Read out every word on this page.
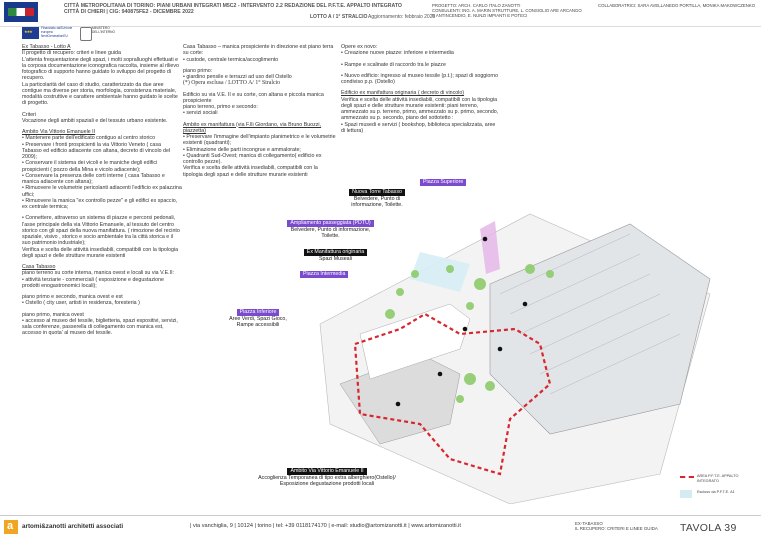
CITTÀ METROPOLITANA DI TORINO: PIANI URBANI INTEGRATI M5C2 - INTERVENTO 2.2 REDAZIONE DEL P.F.T.E. APPALTO INTEGRATO
CITTÀ DI CHIERI | CIG: 940875FE2 - DICEMBRE 2022
LOTTO A / 1° STRALCIO Aggiornamento: febbraio 2023
PROGETTO: ARCH. CARLO ITALO ZANOTTI
CONSULENTI: ING. A. MARIN STRUTTURE, L. CONSIGLIO ARE ARCANGO E ANTINCENDIO, E. NUNZI IMPIANTI E POTECI
COLLABORATRICI: SARA AVELLANEDO PORTILLA, MONIKA MAKOWCZENKO
★★★
Finanziato dall'Unione europea NextGenerationEU
MINISTERO DELL'INTERNO

Ex Tabasso - Lotto A

Il progetto di recupero: criteri e linee guida

L'attenta frequentazione degli spazi, i molti sopralluoghi effettuati e la corposa documentazione iconografica raccolta, insieme al rilievo fotografico di supporto hanno guidato lo sviluppo del progetto di recupero.

La particolarità del caso di studio, caratterizzato da due aree contigue ma diverse per storia, morfologia, consistenza materiale, modalità costruttive e carattere ambientale hanno guidato le scelte di progetto.

Criteri

Vocazione degli ambiti spaziali e del tessuto urbano esistente.

Ambito Via Vittorio Emanuele II

• Mantenere parte dell'edificato contiguo al centro storico

• Preservare i fronti prospicienti la via Vittorio Veneto ( casa Tabasso ed edificio adiacente con altana, decreto di vincolo del 2009);

• Conservare il sistema dei vicoli e le maniche degli edifici prospicienti ( pozzo della Mina e vicolo adiacente);

• Conservare la presenza delle corti interne ( casa Tabasso e manica adiacente con altana);

• Rimuovere le volumetrie pericolanti adiacenti l'edificio ex palazzina uffici;

• Rimuovere la manica "ex controllo pezze" e gli edifici ex spaccio, ex centrale termica;

• Connettere, attraverso un sistema di piazze e percorsi pedonali, l'asse principale della via Vittorio Emanuele, al tessuto del centro storico con gli spazi della nuova manifattura. ( rimozione del recinto spaziale, visivo , storico e socio ambientale tra la città storica e il suo patrimonio industriale);

Verifica e scelta delle attività insediabili, compatibili con la tipologia degli spazi e delle strutture murarie esistenti

Casa Tabasso

piano terreno su corte interna, manica ovest e locali su via V.E.II:

• attività terziarie - commerciali ( esposizione e degustazione prodotti enogastronomici locali);

piano primo e secondo, manica ovest e est

• Ostello ( city user, artisti in residenza, foresteria )

piano primo, manica ovest

• accesso al museo del tessile, biglietteria, spazi espositivi, servizi, sala conferenze, passerella di collegamento con manica est, accesso in quota' al museo del tessile.

Casa Tabasso – manica prospiciente in direzione est piano terra su corte:

• custode, centrale termica/accoglimento

piano primo:

• giardino pensile e terrazzi ad uso dell Ostello

(*) Opera esclusa / LOTTO A/ 1° Stralcio

Edificio su via V.E. II e su corte, con altana e piccola manica prospiciente

piano terreno, primo e secondo:

• servizi sociali

Ambito ex manifattura (via F.lli Giordano, via Bruno Buozzi, piazzetta)

• Preservare l'immagine dell'impianto planimetrico e le volumetrie esistenti (quadranti);

• Eliminazione delle parti incongrue e ammalorate;

• Quadranti Sud-Ovest; manica di collegamento( edificio ex controllo pezze).

Verifica e scelta delle attività insediabili, compatibili con la tipologia degli spazi e delle strutture murarie esistenti

Opere ex novo:

• Creazione nuove piazze: inferiore e intermedia

• Rampe e scalinate di raccordo tra le piazze

• Nuovo edificio: ingresso al museo tessile (p.t.); spazi di soggiorno condiviso p.p. (Ostello)

Edificio ex manifattura originaria ( decreto di vincolo)

Verifica e scelta delle attività insediabili, compatibili con la tipologia degli spazi e delle strutture murarie esistenti: piani terreno, ammezzato su p. terreno, primo, ammezzato su p. primo, secondo, ammezzato su p. secondo, piano del sottotetto :

• Spazi musedi e servizi ( bookshop, biblioteca specializzata, aree di lettura)

Piazza Superiore
Nuova Torre Tabasso
Belvedere, Punto di informazione, Toilette.
Ampliamento passeggiata (PDTU)
Belvedere, Punto di informazione, Toilette.
Ex Manifattura originaria
Spazi Museali
Piazza Intermedia
Piazza Inferiore
Aree Verdi, Spazi Gioco, Rampe accessibili
Ambito Via Vittorio Emanuele II
Accoglienza Temporanea di tipo extra alberghiero(Ostello)/ Esposizione degustazione prodotti locali
AREA P.F.T.E. APPALTO INTEGRATO
Escluso da P.F.T.E. A1
a
artomi&zanotti architetti associati	| via vanchiglia, 9 | 10124 | torino | tel: +39 0118174170 | e-mail: studio@artomizanotti.it | www.artomizanotti.it	EX-TABASSO
IL RECUPERO: CRITERI E LINEE GUIDA TAVOLA 39
